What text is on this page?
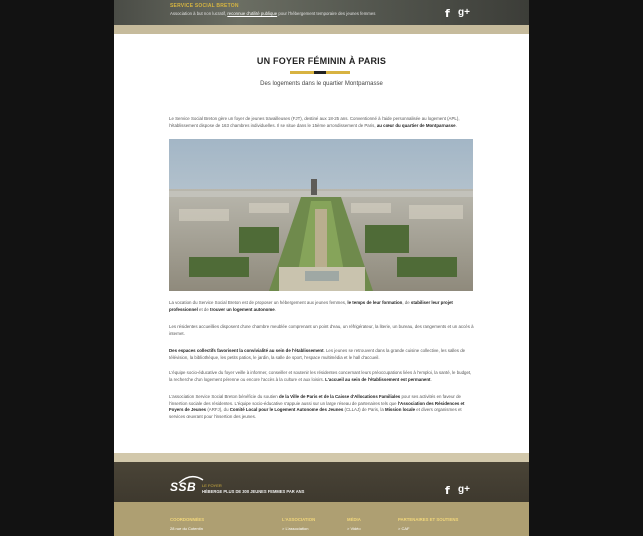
SERVICE SOCIAL BRETON
Association à but non lucratif, reconnue d'utilité publique pour l'hébergement temporaire des jeunes femmes	f g+
UN FOYER FÉMININ À PARIS
Des logements dans le quartier Montparnasse
Le Service Social Breton gère un foyer de jeunes travailleuses (FJT), destiné aux 18-25 ans. Conventionné à l'aide personnalisée au logement (APL), l'établissement dispose de 163 chambres individuelles. Il se situe dans le 15ème arrondissement de Paris, au cœur du quartier de Montparnasse.
La vocation du Service Social Breton est de proposer un hébergement aux jeunes femmes, le temps de leur formation, de stabiliser leur projet professionnel et de trouver un logement autonome.
Les résidentes accueillies disposent d'une chambre meublée comprenant un point d'eau, un réfrigérateur, la literie, un bureau, des rangements et un accès à internet.
Des espaces collectifs favorisent la convivialité au sein de l'établissement. Les jeunes se retrouvent dans la grande cuisine collective, les salles de télévision, la bibliothèque, les petits patios, le jardin, la salle de sport, l'espace multimédia et le hall d'accueil.
L'équipe socio-éducative du foyer veille à informer, conseiller et soutenir les résidentes concernant leurs préoccupations liées à l'emploi, la santé, le budget, la recherche d'un logement pérenne ou encore l'accès à la culture et aux loisirs. L'accueil au sein de l'établissement est permanent.
L'association Service Social Breton bénéficie du soutien de la Ville de Paris et de la Caisse d'Allocations Familiales pour ses activités en faveur de l'insertion sociale des résidentes. L'équipe socio-éducative s'appuie aussi sur un large réseau de partenaires tels que l'Association des Résidences et Foyers de Jeunes (ARFJ), du Comité Local pour le Logement Autonome des Jeunes (CLLAJ) de Paris, la Mission locale et divers organismes et services œuvrant pour l'insertion des jeunes.
SSB LE FOYER
HÉBERGE PLUS DE 300 JEUNES FEMMES PAR ANS	f g+
COORDONNÉES
28 rue du Cotentin
L'ASSOCIATION
> L'association
MÉDIA
> Vidéo
PARTENAIRES ET SOUTIENS
> CAF
